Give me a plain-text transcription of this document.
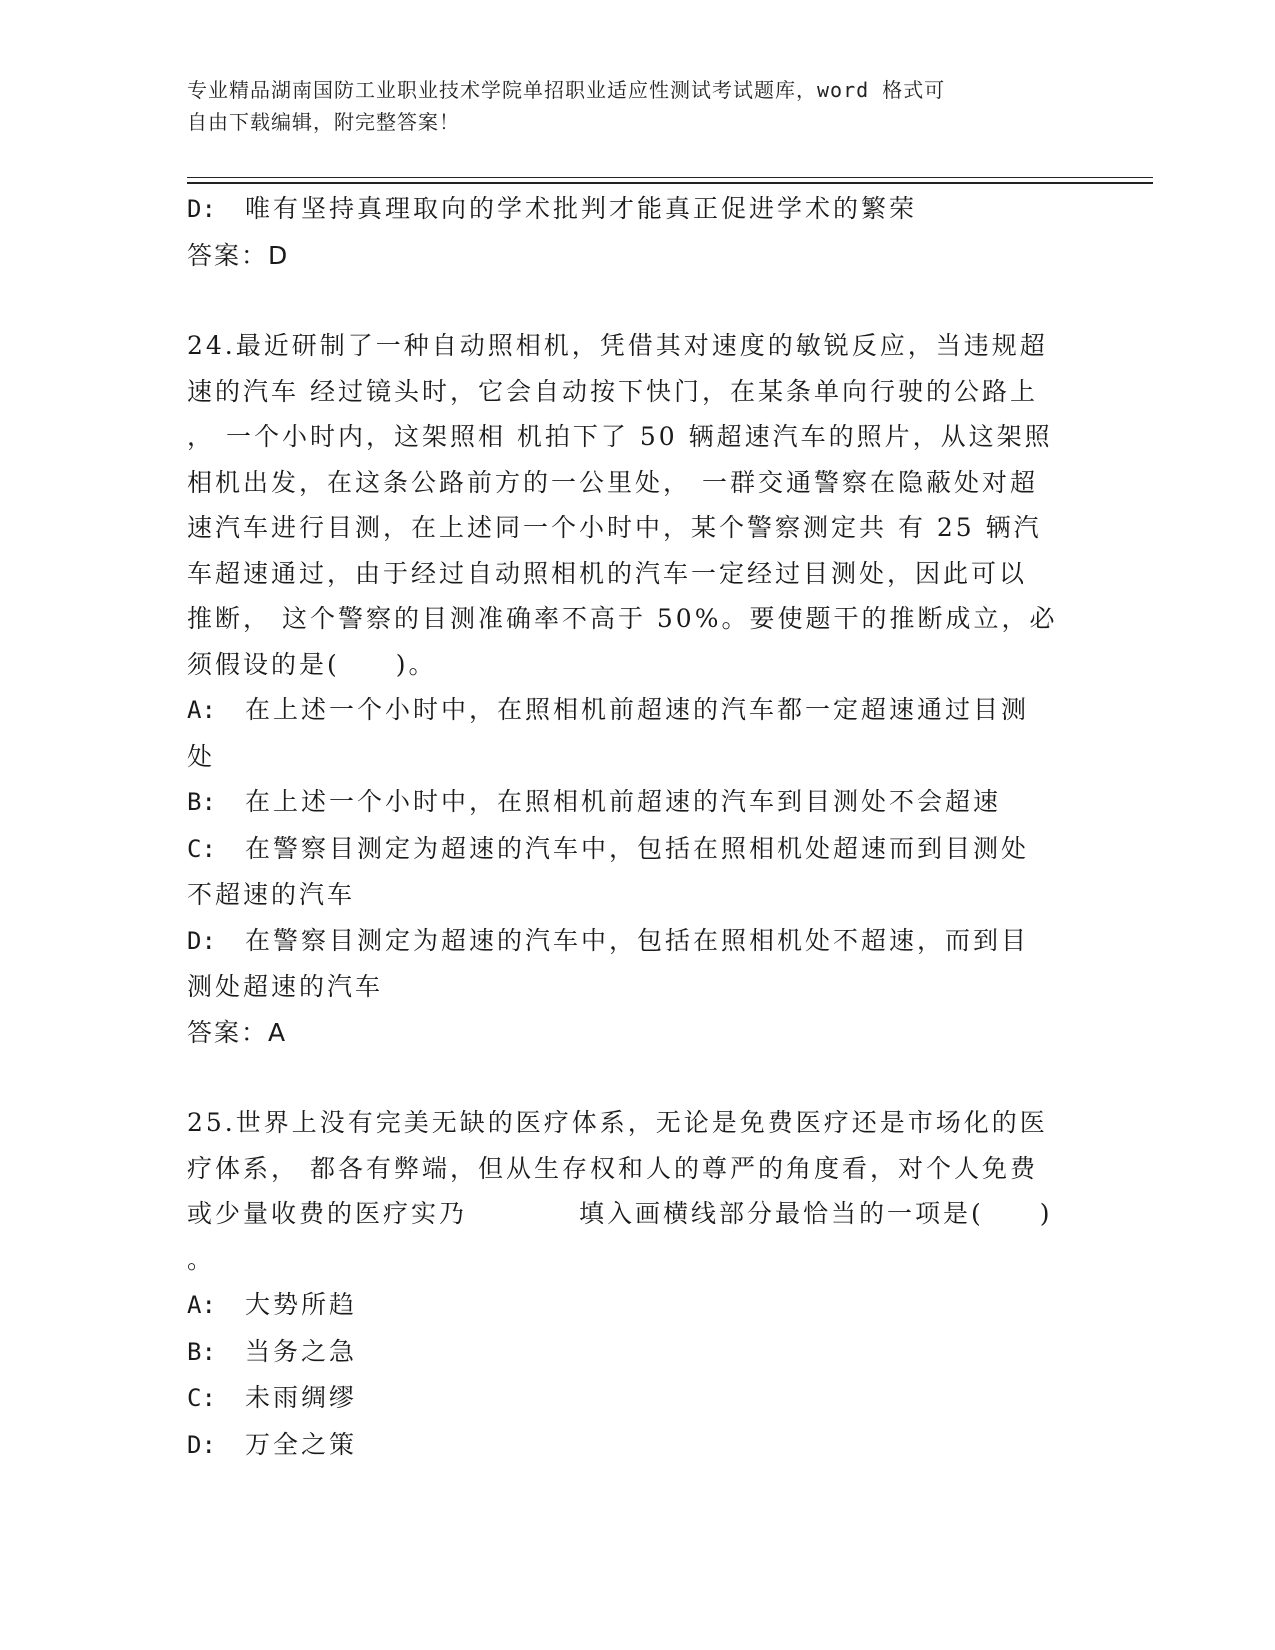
专业精品湖南国防工业职业技术学院单招职业适应性测试考试题库，word 格式可

自由下载编辑，附完整答案！

D: 唯有坚持真理取向的学术批判才能真正促进学术的繁荣

答案：D

24.最近研制了一种自动照相机，凭借其对速度的敏锐反应，当违规超

速的汽车 经过镜头时，它会自动按下快门，在某条单向行驶的公路上

， 一个小时内，这架照相 机拍下了 50 辆超速汽车的照片，从这架照

相机出发，在这条公路前方的一公里处， 一群交通警察在隐蔽处对超

速汽车进行目测，在上述同一个小时中，某个警察测定共 有 25 辆汽

车超速通过，由于经过自动照相机的汽车一定经过目测处，因此可以

推断， 这个警察的目测准确率不高于 50%。要使题干的推断成立，必

须假设的是(　　)。

A: 在上述一个小时中，在照相机前超速的汽车都一定超速通过目测

处

B: 在上述一个小时中，在照相机前超速的汽车到目测处不会超速

C: 在警察目测定为超速的汽车中，包括在照相机处超速而到目测处

不超速的汽车

D: 在警察目测定为超速的汽车中，包括在照相机处不超速，而到目

测处超速的汽车

答案：A

25.世界上没有完美无缺的医疗体系，无论是免费医疗还是市场化的医

疗体系， 都各有弊端，但从生存权和人的尊严的角度看，对个人免费

或少量收费的医疗实乃　　　　填入画横线部分最恰当的一项是(　　)

。

A: 大势所趋

B: 当务之急

C: 未雨绸缪

D: 万全之策
